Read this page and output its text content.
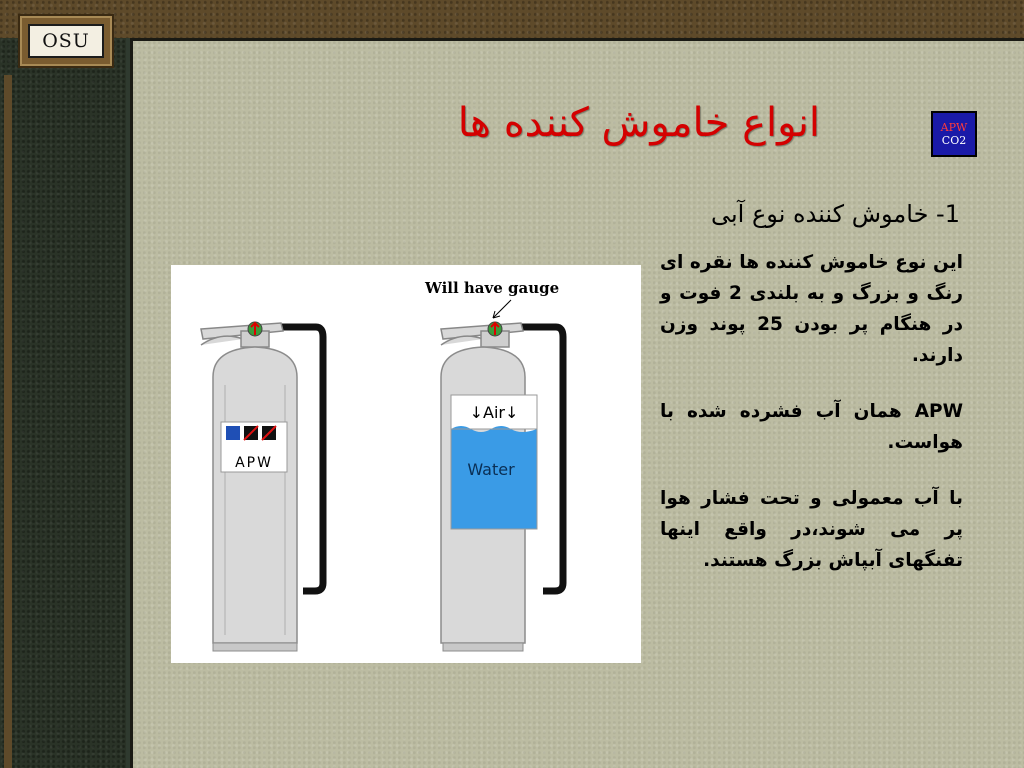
OSU
انواع خاموش کننده ها	APW
CO2
1- خاموش کننده نوع آبی

این نوع خاموش کننده ها نقره ای رنگ و بزرگ و به بلندی 2 فوت و در هنگام پر بودن 25 پوند وزن دارند.

APW همان آب فشرده شده با هواست.

با آب معمولی و تحت فشار هوا پر می شوند،در واقع اینها تفنگهای آبپاش بزرگ هستند.

Will have gauge
APW
↓Air↓
Water
